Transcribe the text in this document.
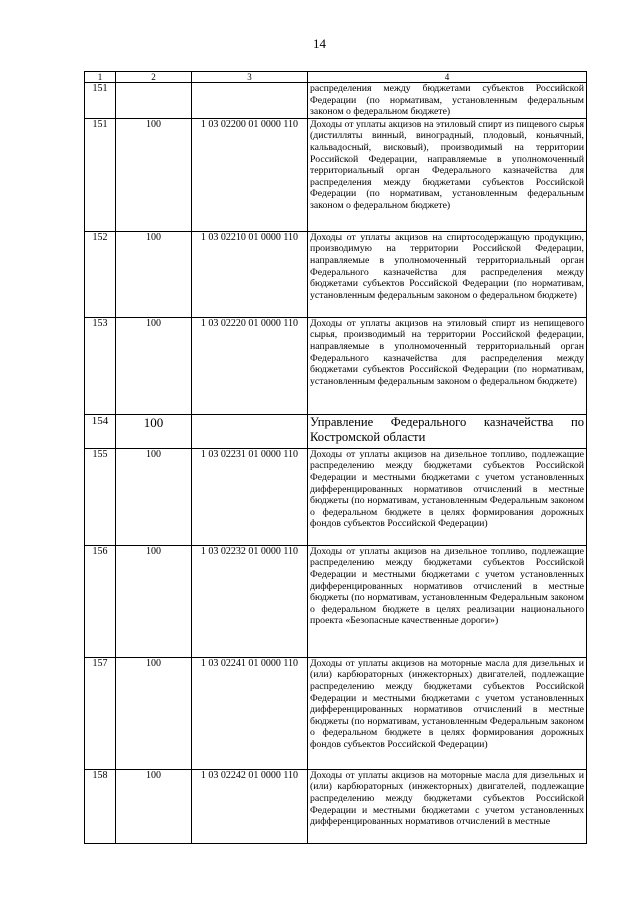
14
1	2	3	4
151			распределения между бюджетами субъектов Российской Федерации (по нормативам, установленным федеральным законом о федеральном бюджете)
151	100	1 03 02200 01 0000 110	Доходы от уплаты акцизов на этиловый спирт из пищевого сырья (дистилляты винный, виноградный, плодовый, коньячный, кальвадосный, висковый), производимый на территории Российской Федерации, направляемые в уполномоченный территориальный орган Федерального казначейства для распределения между бюджетами субъектов Российской Федерации (по нормативам, установленным федеральным законом о федеральном бюджете)
152	100	1 03 02210 01 0000 110	Доходы от уплаты акцизов на спиртосодержащую продукцию, производимую на территории Российской Федерации, направляемые в уполномоченный территориальный орган Федерального казначейства для распределения между бюджетами субъектов Российской Федерации (по нормативам, установленным федеральным законом о федеральном бюджете)
153	100	1 03 02220 01 0000 110	Доходы от уплаты акцизов на этиловый спирт из непищевого сырья, производимый на территории Российской федерации, направляемые в уполномоченный территориальный орган Федерального казначейства для распределения между бюджетами субъектов Российской Федерации (по нормативам, установленным федеральным законом о федеральном бюджете)
154	100		Управление Федерального казначейства по Костромской области
155	100	1 03 02231 01 0000 110	Доходы от уплаты акцизов на дизельное топливо, подлежащие распределению между бюджетами субъектов Российской Федерации и местными бюджетами с учетом установленных дифференцированных нормативов отчислений в местные бюджеты (по нормативам, установленным Федеральным законом о федеральном бюджете в целях формирования дорожных фондов субъектов Российской Федерации)
156	100	1 03 02232 01 0000 110	Доходы от уплаты акцизов на дизельное топливо, подлежащие распределению между бюджетами субъектов Российской Федерации и местными бюджетами с учетом установленных дифференцированных нормативов отчислений в местные бюджеты (по нормативам, установленным Федеральным законом о федеральном бюджете в целях реализации национального проекта «Безопасные качественные дороги»)
157	100	1 03 02241 01 0000 110	Доходы от уплаты акцизов на моторные масла для дизельных и (или) карбюраторных (инжекторных) двигателей, подлежащие распределению между бюджетами субъектов Российской Федерации и местными бюджетами с учетом установленных дифференцированных нормативов отчислений в местные бюджеты (по нормативам, установленным Федеральным законом о федеральном бюджете в целях формирования дорожных фондов субъектов Российской Федерации)
158	100	1 03 02242 01 0000 110	Доходы от уплаты акцизов на моторные масла для дизельных и (или) карбюраторных (инжекторных) двигателей, подлежащие распределению между бюджетами субъектов Российской Федерации и местными бюджетами с учетом установленных дифференцированных нормативов отчислений в местные
